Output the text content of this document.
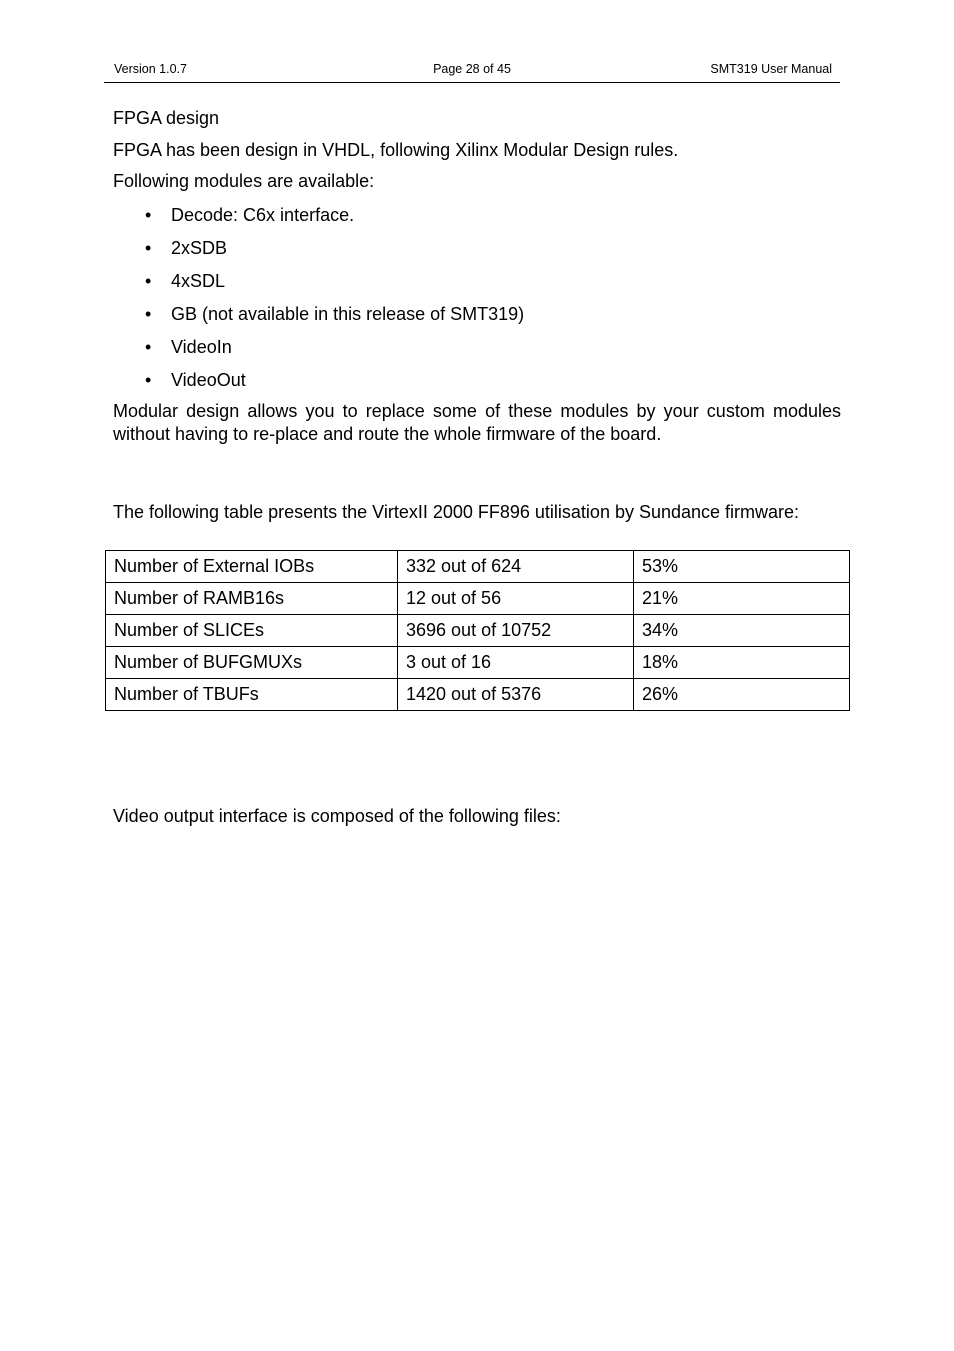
Version 1.0.7	Page 28 of 45	SMT319 User Manual
FPGA design
FPGA has been design in VHDL, following Xilinx Modular Design rules.
Following modules are available:
• Decode: C6x interface.
• 2xSDB
• 4xSDL
• GB (not available in this release of SMT319)
• VideoIn
• VideoOut
Modular design allows you to replace some of these modules by your custom modules without having to re-place and route the whole firmware of the board.
The following table presents the VirtexII 2000 FF896 utilisation by Sundance firmware:
Number of External IOBs	332 out of 624	53%
Number of RAMB16s	12 out of 56	21%
Number of SLICEs	3696 out of 10752	34%
Number of BUFGMUXs	3 out of 16	18%
Number of TBUFs	1420 out of 5376	26%
Video output interface is composed of the following files:
